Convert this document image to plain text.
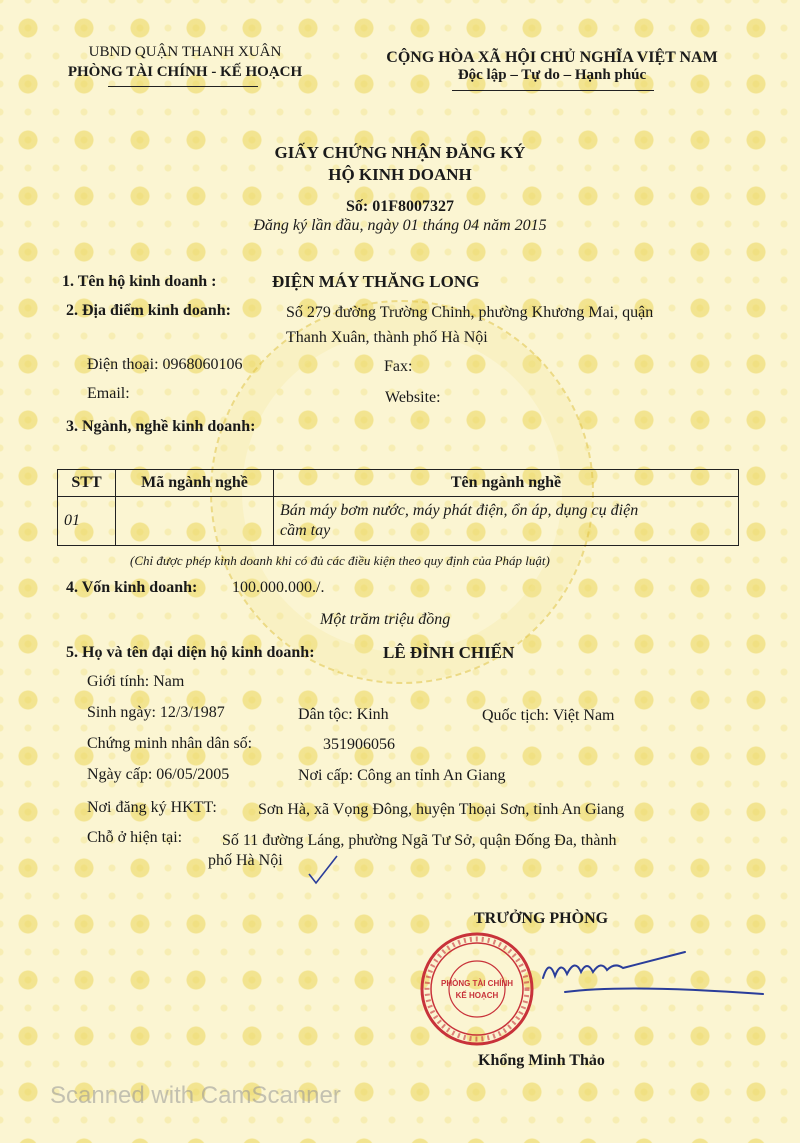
UBND QUẬN THANH XUÂN
PHÒNG TÀI CHÍNH - KẾ HOẠCH
CỘNG HÒA XÃ HỘI CHỦ NGHĨA VIỆT NAM
Độc lập – Tự do – Hạnh phúc
GIẤY CHỨNG NHẬN ĐĂNG KÝ
HỘ KINH DOANH
Số: 01F8007327
Đăng ký lần đầu, ngày 01 tháng 04 năm 2015
1. Tên hộ kinh doanh :	ĐIỆN MÁY THĂNG LONG
2. Địa điểm kinh doanh:	Số 279 đường Trường Chinh, phường Khương Mai, quận
Thanh Xuân, thành phố Hà Nội
Điện thoại: 0968060106	Fax:
Email:	Website:
3. Ngành, nghề kinh doanh:
STT	Mã ngành nghề	Tên ngành nghề
01		Bán máy bơm nước, máy phát điện, ổn áp, dụng cụ điện
cầm tay
(Chỉ được phép kinh doanh khi có đủ các điều kiện theo quy định của Pháp luật)
4. Vốn kinh doanh: 100.000.000./.
Một trăm triệu đồng
5. Họ và tên đại diện hộ kinh doanh:	LÊ ĐÌNH CHIẾN
Giới tính: Nam
Sinh ngày: 12/3/1987	Dân tộc: Kinh	Quốc tịch: Việt Nam
Chứng minh nhân dân số:	351906056
Ngày cấp: 06/05/2005	Nơi cấp: Công an tỉnh An Giang
Nơi đăng ký HKTT:	Sơn Hà, xã Vọng Đông, huyện Thoại Sơn, tỉnh An Giang
Chỗ ở hiện tại: Số 11 đường Láng, phường Ngã Tư Sở, quận Đống Đa, thành
phố Hà Nội
TRƯỞNG PHÒNG
PHÒNG TÀI CHÍNH
KẾ HOẠCH
Khổng Minh Thảo
Scanned with CamScanner
